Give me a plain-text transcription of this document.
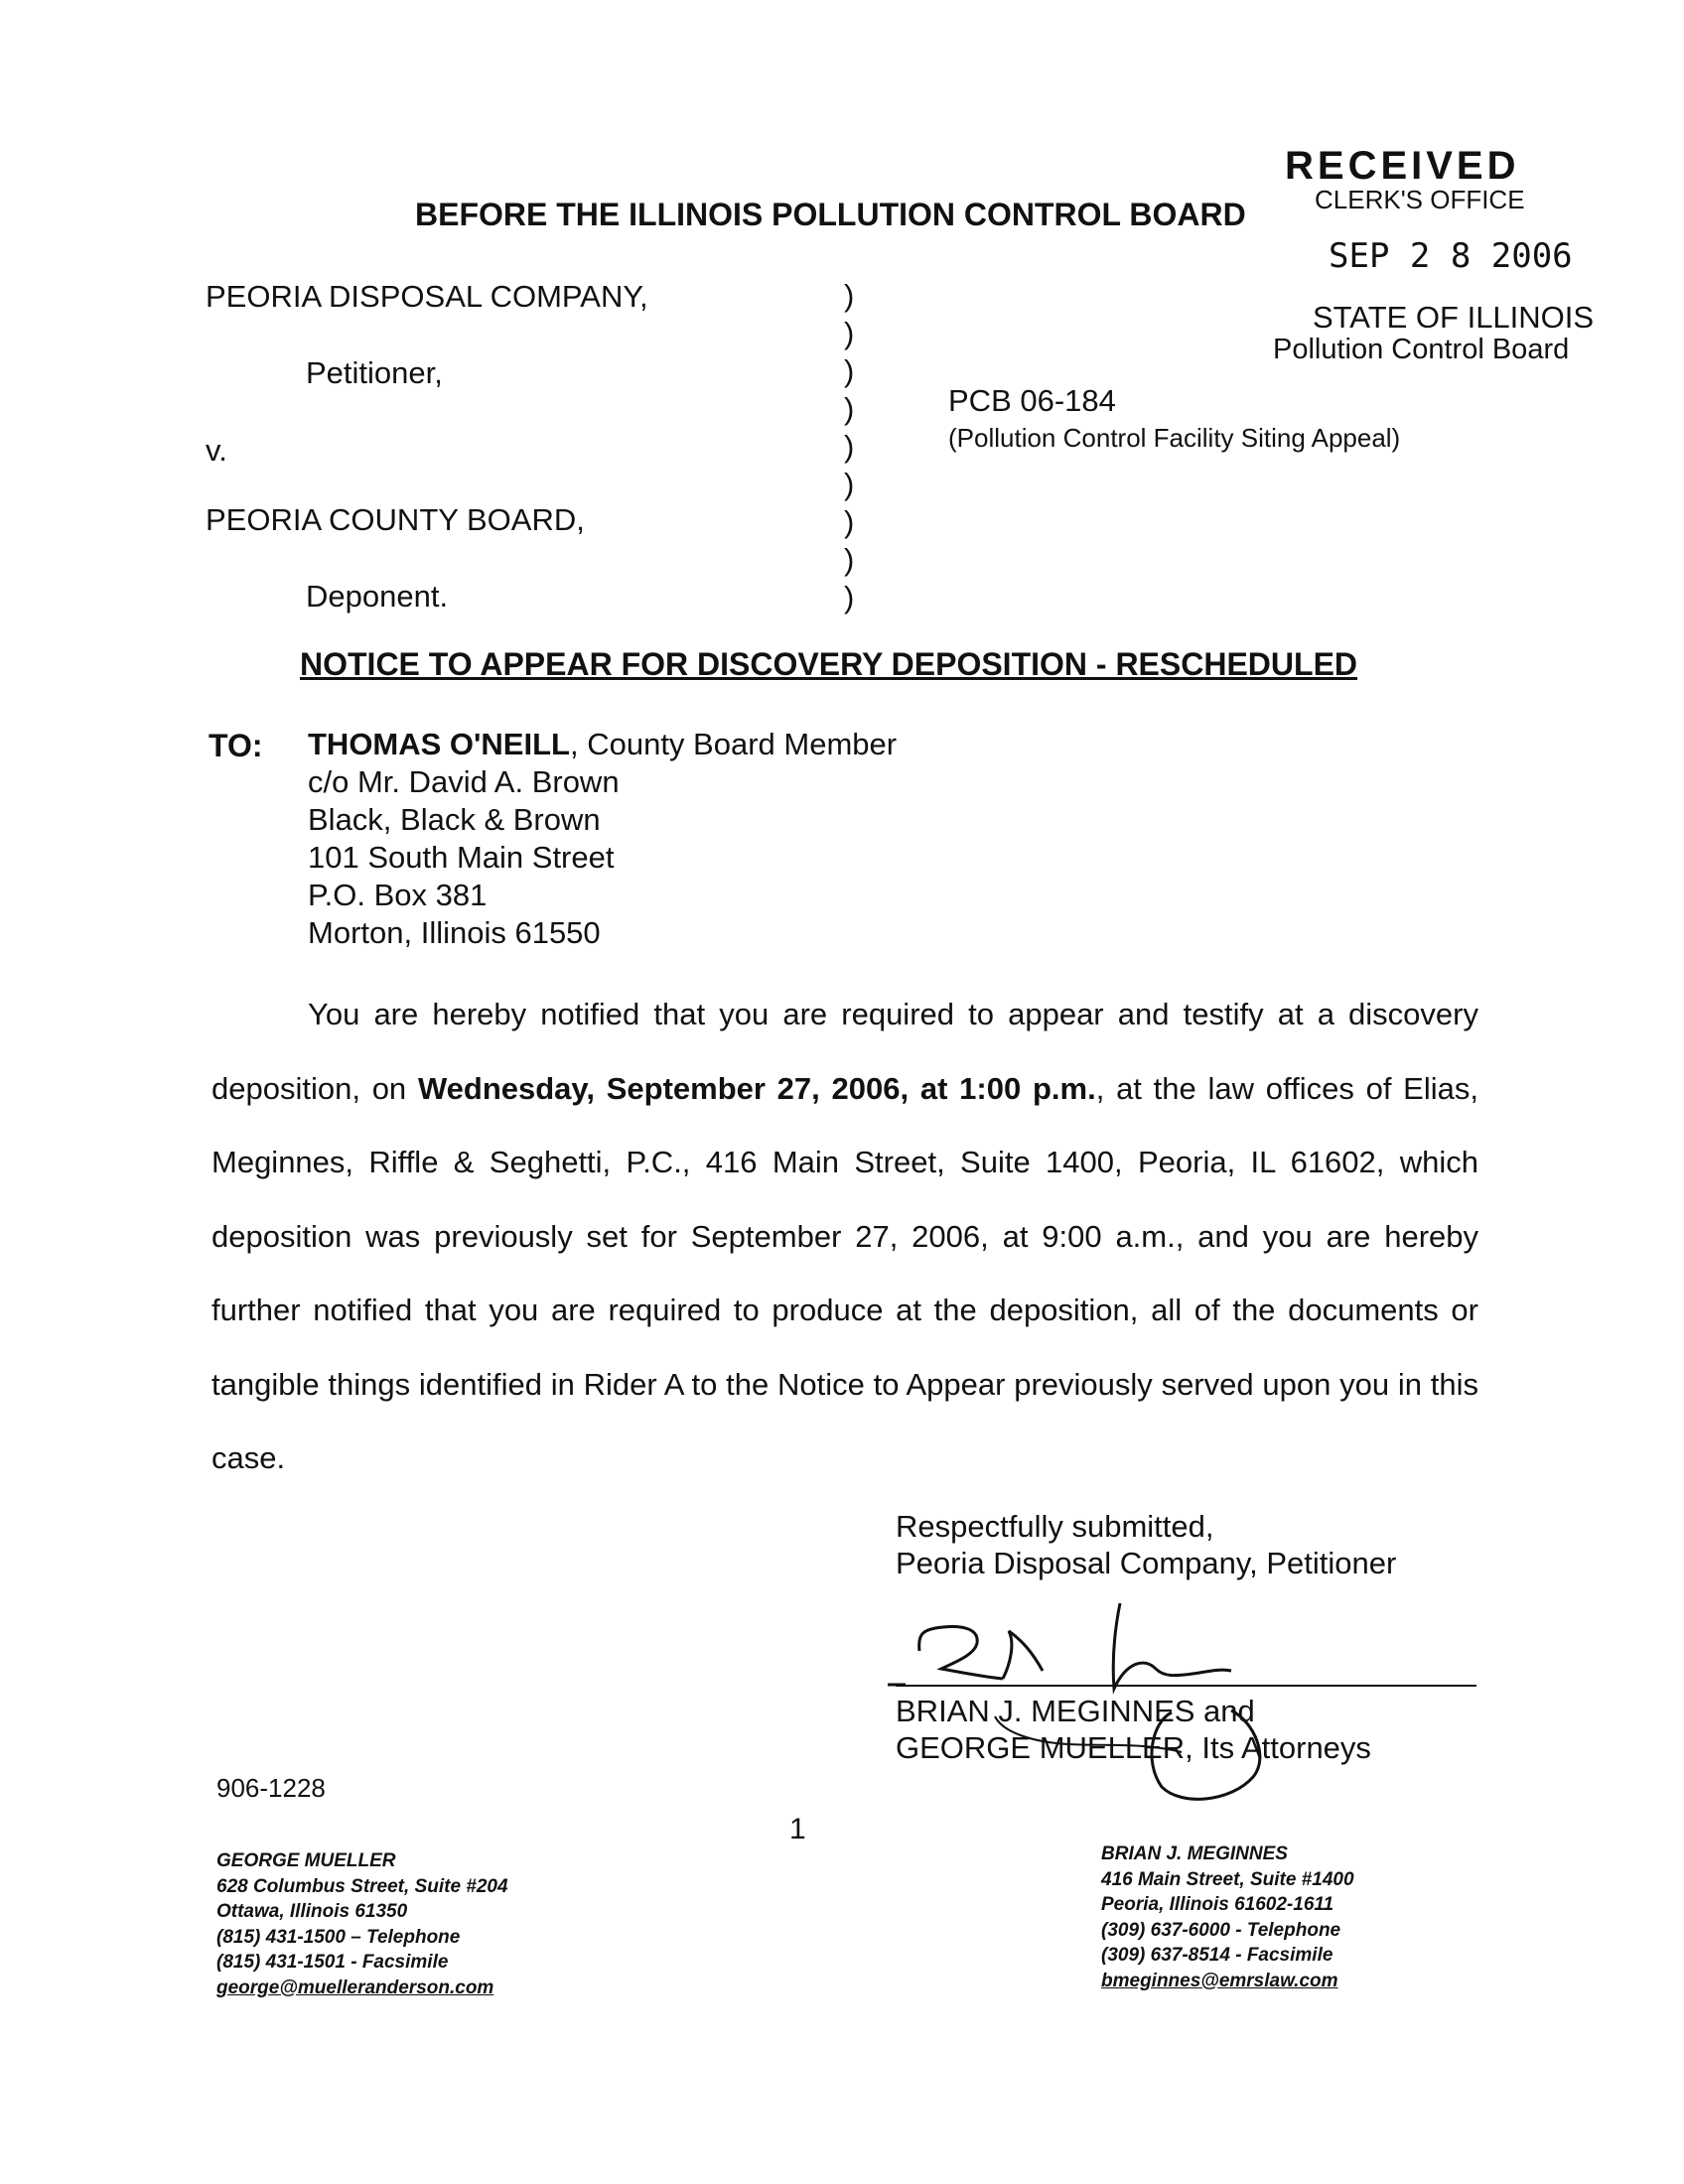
RECEIVED
CLERK'S OFFICE
SEP 2 8 2006
STATE OF ILLINOIS
Pollution Control Board
BEFORE THE ILLINOIS POLLUTION CONTROL BOARD
PEORIA DISPOSAL COMPANY,
Petitioner,
v.
PEORIA COUNTY BOARD,
Deponent.
)
)
)
)
)
)
)
)
)
PCB 06-184
(Pollution Control Facility Siting Appeal)
NOTICE TO APPEAR FOR DISCOVERY DEPOSITION - RESCHEDULED
TO: THOMAS O'NEILL, County Board Member
c/o Mr. David A. Brown
Black, Black & Brown
101 South Main Street
P.O. Box 381
Morton, Illinois 61550

You are hereby notified that you are required to appear and testify at a discovery deposition, on Wednesday, September 27, 2006, at 1:00 p.m., at the law offices of Elias, Meginnes, Riffle & Seghetti, P.C., 416 Main Street, Suite 1400, Peoria, IL 61602, which deposition was previously set for September 27, 2006, at 9:00 a.m., and you are hereby further notified that you are required to produce at the deposition, all of the documents or tangible things identified in Rider A to the Notice to Appear previously served upon you in this case.

Respectfully submitted,
Peoria Disposal Company, Petitioner
BRIAN J. MEGINNES and
GEORGE MUELLER, Its Attorneys
906-1228
1
GEORGE MUELLER
628 Columbus Street, Suite #204
Ottawa, Illinois 61350
(815) 431-1500 – Telephone
(815) 431-1501 - Facsimile
george@muelleranderson.com
BRIAN J. MEGINNES
416 Main Street, Suite #1400
Peoria, Illinois 61602-1611
(309) 637-6000 - Telephone
(309) 637-8514 - Facsimile
bmeginnes@emrslaw.com
